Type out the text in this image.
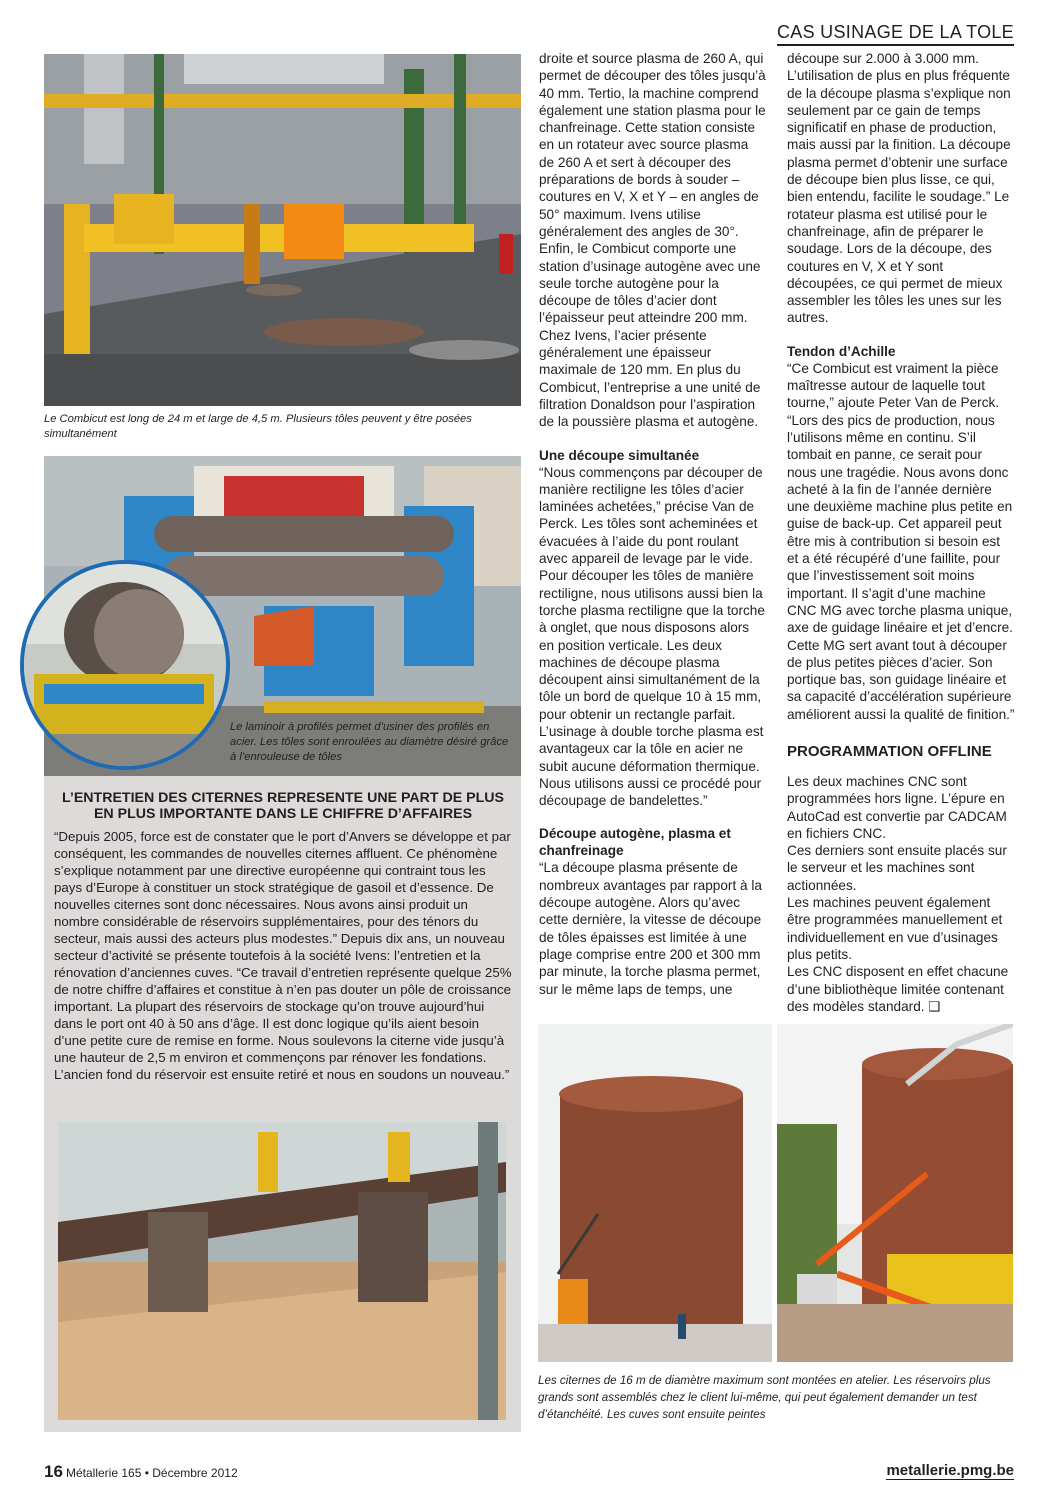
CAS USINAGE DE LA TOLE
Le Combicut est long de 24 m et large de 4,5 m. Plusieurs tôles peuvent y être posées simultanément
Le laminoir à profilés permet d’usiner des profilés en acier. Les tôles sont enroulées au diamètre désiré grâce à l’enrouleuse de tôles

droite et source plasma de 260 A, qui permet de découper des tôles jusqu’à 40 mm. Tertio, la machine comprend également une station plasma pour le chanfreinage. Cette station consiste en un rotateur avec source plasma de 260 A et sert à découper des préparations de bords à souder – coutures en V, X et Y – en angles de 50° maximum. Ivens utilise généralement des angles de 30°. Enfin, le Combicut comporte une station d’usinage autogène avec une seule torche autogène pour la découpe de tôles d’acier dont l’épaisseur peut atteindre 200 mm. Chez Ivens, l’acier présente généralement une épaisseur maximale de 120 mm. En plus du Combicut, l’entreprise a une unité de filtration Donaldson pour l’aspiration de la poussière plasma et autogène.

Une découpe simultanée

“Nous commençons par découper de manière rectiligne les tôles d’acier laminées achetées,” précise Van de Perck. Les tôles sont acheminées et évacuées à l’aide du pont roulant avec appareil de levage par le vide. Pour découper les tôles de manière rectiligne, nous utilisons aussi bien la torche plasma rectiligne que la torche à onglet, que nous disposons alors en position verticale. Les deux machines de découpe plasma découpent ainsi simultanément de la tôle un bord de quelque 10 à 15 mm, pour obtenir un rectangle parfait. L’usinage à double torche plasma est avantageux car la tôle en acier ne subit aucune déformation thermique. Nous utilisons aussi ce procédé pour découpage de bandelettes.”

Découpe autogène, plasma et chanfreinage

“La découpe plasma présente de nombreux avantages par rapport à la découpe autogène. Alors qu’avec cette dernière, la vitesse de découpe de tôles épaisses est limitée à une plage comprise entre 200 et 300 mm par minute, la torche plasma permet, sur le même laps de temps, une

découpe sur 2.000 à 3.000 mm. L’utilisation de plus en plus fréquente de la découpe plasma s’explique non seulement par ce gain de temps significatif en phase de production, mais aussi par la finition. La découpe plasma permet d’obtenir une surface de découpe bien plus lisse, ce qui, bien entendu, facilite le soudage.” Le rotateur plasma est utilisé pour le chanfreinage, afin de préparer le soudage. Lors de la découpe, des coutures en V, X et Y sont découpées, ce qui permet de mieux assembler les tôles les unes sur les autres.

Tendon d’Achille

“Ce Combicut est vraiment la pièce maîtresse autour de laquelle tout tourne,” ajoute Peter Van de Perck. “Lors des pics de production, nous l’utilisons même en continu. S’il tombait en panne, ce serait pour nous une tragédie. Nous avons donc acheté à la fin de l’année dernière une deuxième machine plus petite en guise de back-up. Cet appareil peut être mis à contribution si besoin est et a été récupéré d’une faillite, pour que l’investissement soit moins important. Il s’agit d’une machine CNC MG avec torche plasma unique, axe de guidage linéaire et jet d’encre. Cette MG sert avant tout à découper de plus petites pièces d’acier. Son portique bas, son guidage linéaire et sa capacité d’accélération supérieure améliorent aussi la qualité de finition.”

PROGRAMMATION OFFLINE

Les deux machines CNC sont programmées hors ligne. L’épure en AutoCad est convertie par CADCAM en fichiers CNC.

Ces derniers sont ensuite placés sur le serveur et les machines sont actionnées.

Les machines peuvent également être programmées manuellement et individuellement en vue d’usinages plus petits.

Les CNC disposent en effet chacune d’une bibliothèque limitée contenant des modèles standard. ❑

L’ENTRETIEN DES CITERNES REPRESENTE UNE PART DE PLUS EN PLUS IMPORTANTE DANS LE CHIFFRE D’AFFAIRES
“Depuis 2005, force est de constater que le port d’Anvers se développe et par conséquent, les commandes de nouvelles citernes affluent. Ce phénomène s’explique notamment par une directive européenne qui contraint tous les pays d’Europe à constituer un stock stratégique de gasoil et d’essence. De nouvelles citernes sont donc nécessaires. Nous avons ainsi produit un nombre considérable de réservoirs supplémentaires, pour des ténors du secteur, mais aussi des acteurs plus modestes.” Depuis dix ans, un nouveau secteur d’activité se présente toutefois à la société Ivens: l’entretien et la rénovation d’anciennes cuves. “Ce travail d’entretien représente quelque 25% de notre chiffre d’affaires et constitue à n’en pas douter un pôle de croissance important. La plupart des réservoirs de stockage qu’on trouve aujourd’hui dans le port ont 40 à 50 ans d’âge. Il est donc logique qu’ils aient besoin d’une petite cure de remise en forme. Nous soulevons la citerne vide jusqu’à une hauteur de 2,5 m environ et commençons par rénover les fondations. L’ancien fond du réservoir est ensuite retiré et nous en soudons un nouveau.”
Les citernes de 16 m de diamètre maximum sont montées en atelier. Les réservoirs plus grands sont assemblés chez le client lui-même, qui peut également demander un test d’étanchéité. Les cuves sont ensuite peintes
16 Métallerie 165 • Décembre 2012	metallerie.pmg.be
